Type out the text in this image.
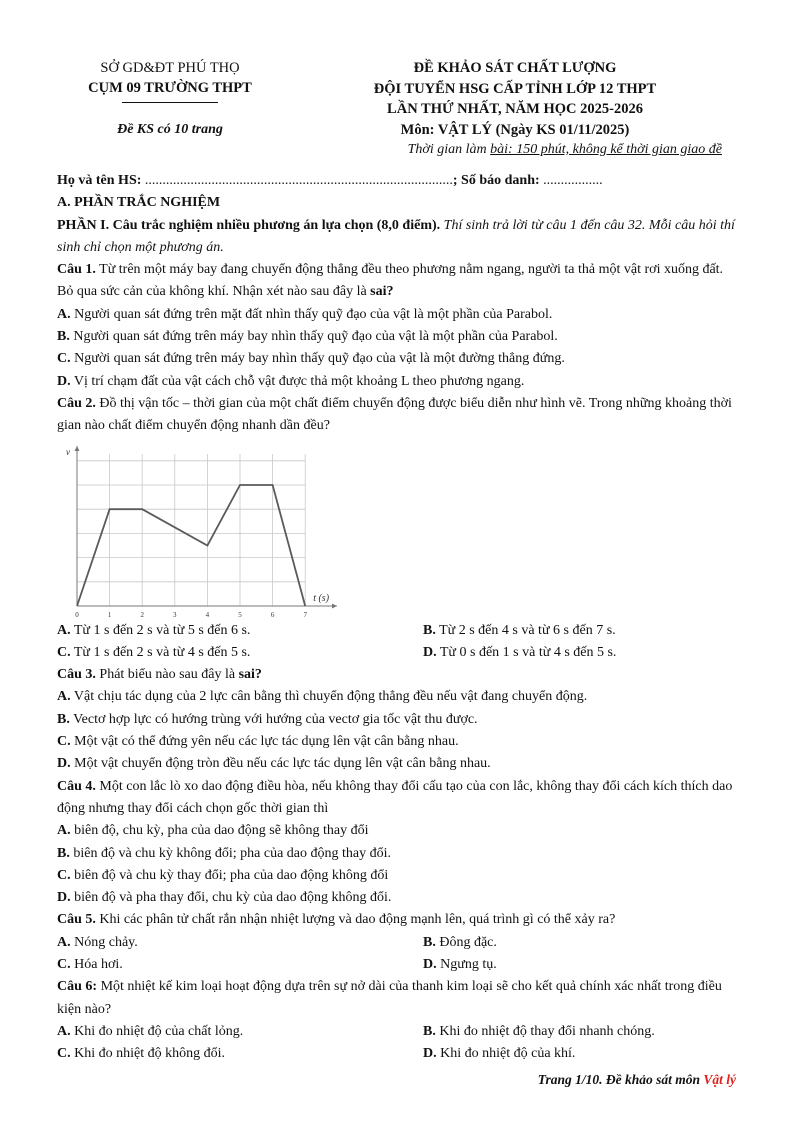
SỞ GD&ĐT PHÚ THỌ
CỤM 09 TRƯỜNG THPT
Đề KS có 10 trang
ĐỀ KHẢO SÁT CHẤT LƯỢNG
ĐỘI TUYỂN HSG CẤP TỈNH LỚP 12 THPT
LẦN THỨ NHẤT, NĂM HỌC 2025-2026
Môn: VẬT LÝ (Ngày KS 01/11/2025)
Thời gian làm bài: 150 phút, không kể thời gian giao đề

Họ và tên HS: ........................................................................................; Số báo danh: .................

A. PHẦN TRẮC NGHIỆM

PHẦN I. Câu trắc nghiệm nhiều phương án lựa chọn (8,0 điểm). Thí sinh trả lời từ câu 1 đến câu 32. Mỗi câu hỏi thí sinh chỉ chọn một phương án.

Câu 1. Từ trên một máy bay đang chuyển động thẳng đều theo phương nằm ngang, người ta thả một vật rơi xuống đất. Bỏ qua sức cản của không khí. Nhận xét nào sau đây là sai?

A. Người quan sát đứng trên mặt đất nhìn thấy quỹ đạo của vật là một phần của Parabol.

B. Người quan sát đứng trên máy bay nhìn thấy quỹ đạo của vật là một phần của Parabol.

C. Người quan sát đứng trên máy bay nhìn thấy quỹ đạo của vật là một đường thẳng đứng.

D. Vị trí chạm đất của vật cách chỗ vật được thả một khoảng L theo phương ngang.

Câu 2. Đồ thị vận tốc – thời gian của một chất điểm chuyển động được biểu diễn như hình vẽ. Trong những khoảng thời gian nào chất điểm chuyển động nhanh dần đều?

0	1	2	3	4	5	6	7
v
t (s)
A. Từ 1 s đến 2 s và từ 5 s đến 6 s.	B. Từ 2 s đến 4 s và từ 6 s đến 7 s.
C. Từ 1 s đến 2 s và từ 4 s đến 5 s.	D. Từ 0 s đến 1 s và từ 4 s đến 5 s.

Câu 3. Phát biểu nào sau đây là sai?

A. Vật chịu tác dụng của 2 lực cân bằng thì chuyển động thẳng đều nếu vật đang chuyển động.

B. Vectơ hợp lực có hướng trùng với hướng của vectơ gia tốc vật thu được.

C. Một vật có thể đứng yên nếu các lực tác dụng lên vật cân bằng nhau.

D. Một vật chuyển động tròn đều nếu các lực tác dụng lên vật cân bằng nhau.

Câu 4. Một con lắc lò xo dao động điều hòa, nếu không thay đổi cấu tạo của con lắc, không thay đổi cách kích thích dao động nhưng thay đổi cách chọn gốc thời gian thì

A. biên độ, chu kỳ, pha của dao động sẽ không thay đổi

B. biên độ và chu kỳ không đổi; pha của dao động thay đổi.

C. biên độ và chu kỳ thay đổi; pha của dao động không đổi

D. biên độ và pha thay đổi, chu kỳ của dao động không đổi.

Câu 5. Khi các phân tử chất rắn nhận nhiệt lượng và dao động mạnh lên, quá trình gì có thể xảy ra?

A. Nóng chảy.	B. Đông đặc.
C. Hóa hơi.	D. Ngưng tụ.

Câu 6: Một nhiệt kế kim loại hoạt động dựa trên sự nở dài của thanh kim loại sẽ cho kết quả chính xác nhất trong điều kiện nào?

A. Khi đo nhiệt độ của chất lỏng.	B. Khi đo nhiệt độ thay đổi nhanh chóng.
C. Khi đo nhiệt độ không đổi.	D. Khi đo nhiệt độ của khí.
Trang 1/10. Đề khảo sát môn Vật lý
